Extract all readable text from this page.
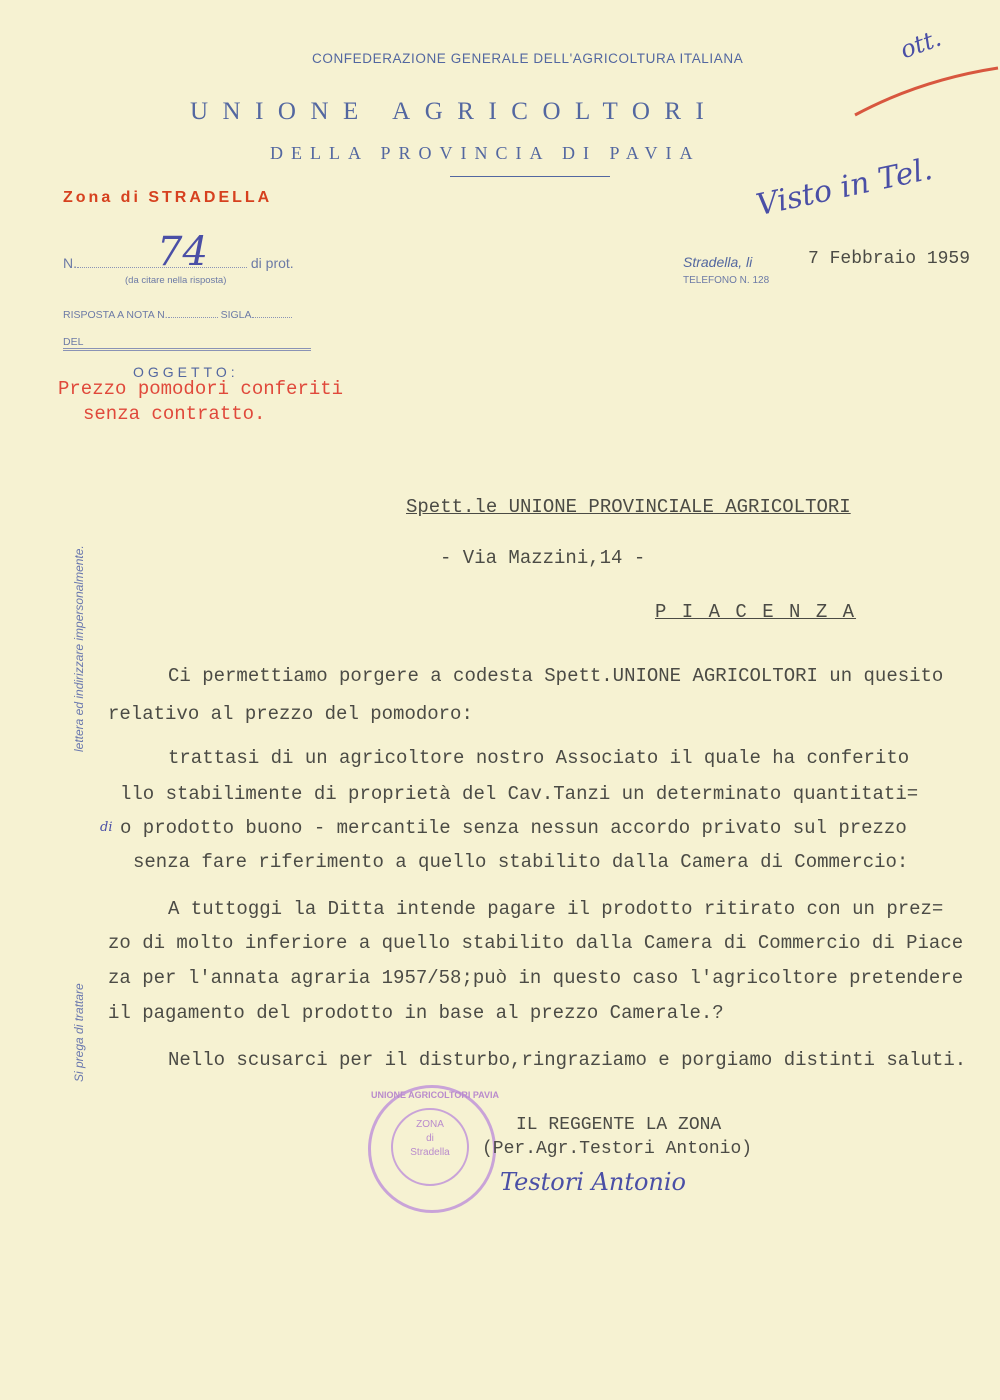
CONFEDERAZIONE GENERALE DELL'AGRICOLTURA ITALIANA
UNIONE AGRICOLTORI
DELLA PROVINCIA DI PAVIA
ott.
Zona di STRADELLA
N. 74	di prot.
(da citare nella risposta)
RISPOSTA A NOTA N.	SIGLA
DEL
OGGETTO:
Prezzo pomodori conferiti
senza contratto.
Visto in Tel.
Stradella, li	7 Febbraio 1959
TELEFONO N. 128
Si prega di trattare
lettera ed indirizzare impersonalmente.
Spett.le UNIONE PROVINCIALE AGRICOLTORI
- Via Mazzini,14 -
P I A C E N Z A
Ci permettiamo porgere a codesta Spett.UNIONE AGRICOLTORI un quesito
relativo al prezzo del pomodoro:
trattasi di un agricoltore nostro Associato il quale ha conferito
llo stabilimente di proprietà del Cav.Tanzi un determinato quantitati=
di o prodotto buono - mercantile senza nessun accordo privato sul prezzo
senza fare riferimento a quello stabilito dalla Camera di Commercio:
A tuttoggi la Ditta intende pagare il prodotto ritirato con un prez=
zo di molto inferiore a quello stabilito dalla Camera di Commercio di Piace
za per l'annata agraria 1957/58;può in questo caso l'agricoltore pretendere
il pagamento del prodotto in base al prezzo Camerale.?
Nello scusarci per il disturbo,ringraziamo e porgiamo distinti saluti.
ZONA
di
Stradella
UNIONE AGRICOLTORI PAVIA
IL REGGENTE LA ZONA
(Per.Agr.Testori Antonio)
Testori Antonio
